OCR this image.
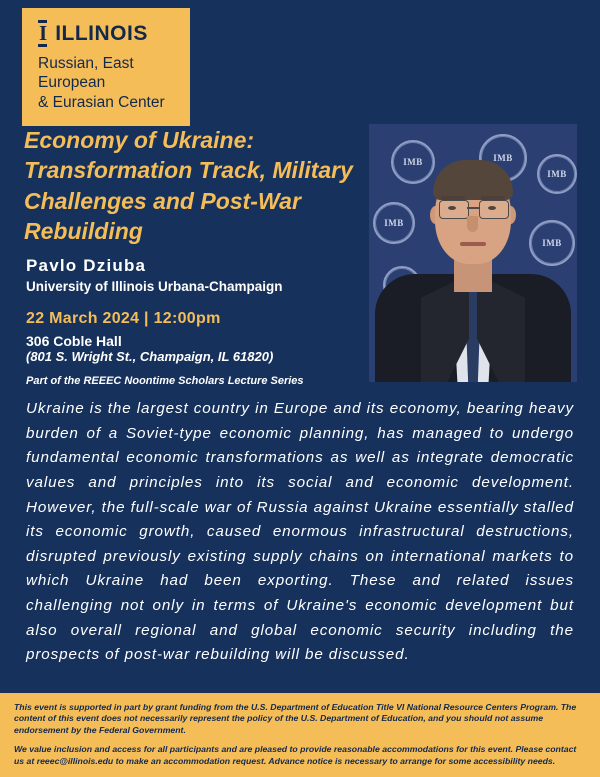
I ILLINOIS
Russian, East European
& Eurasian Center
Economy of Ukraine: Transformation Track, Military Challenges and Post-War Rebuilding
Pavlo Dziuba
University of Illinois Urbana-Champaign
22 March 2024 | 12:00pm
306 Coble Hall
(801 S. Wright St., Champaign, IL 61820)
Part of the REEEC Noontime Scholars Lecture Series
IMB	IMB
IMB
IMB
IMB
Ukraine is the largest country in Europe and its economy, bearing heavy burden of a Soviet-type economic planning, has managed to undergo fundamental economic transformations as well as integrate democratic values and principles into its social and economic development. However, the full-scale war of Russia against Ukraine essentially stalled its economic growth, caused enormous infrastructural destructions, disrupted previously existing supply chains on international markets to which Ukraine had been exporting. These and related issues challenging not only in terms of Ukraine's economic development but also overall regional and global economic security including the prospects of post-war rebuilding will be discussed.

This event is supported in part by grant funding from the U.S. Department of Education Title VI National Resource Centers Program. The content of this event does not necessarily represent the policy of the U.S. Department of Education, and you should not assume endorsement by the Federal Government.

We value inclusion and access for all participants and are pleased to provide reasonable accommodations for this event. Please contact us at reeec@illinois.edu to make an accommodation request. Advance notice is necessary to arrange for some accessibility needs.
